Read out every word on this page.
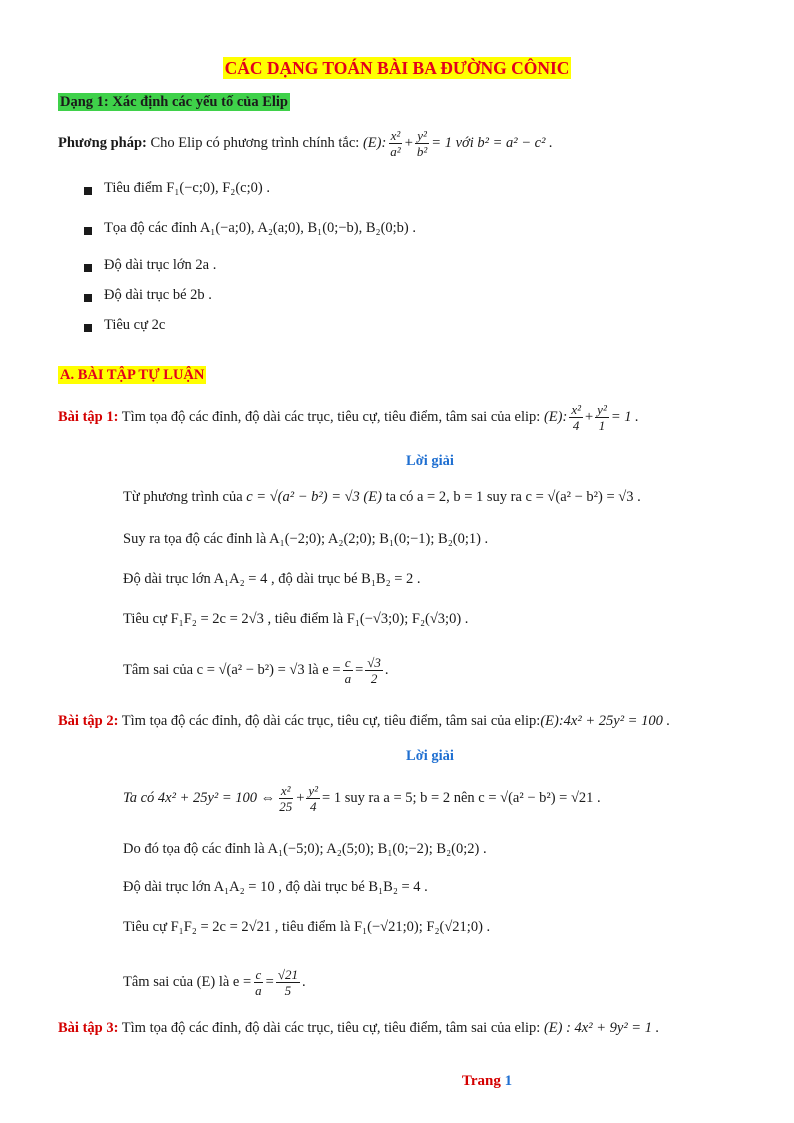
CÁC DẠNG TOÁN BÀI BA ĐƯỜNG CÔNIC
Dạng 1: Xác định các yếu tố của Elip
Phương pháp: Cho Elip có phương trình chính tắc: (E): $\frac{\text{x²}}{\text{a²}} + \frac{\text{y²}}{\text{b²}} = 1$ với b² = a² − c² .
Tiêu điểm F₁(−c;0), F₂(c;0) .
Tọa độ các đỉnh A₁(−a;0), A₂(a;0), B₁(0;−b), B₂(0;b) .
Độ dài trục lớn 2a .
Độ dài trục bé 2b .
Tiêu cự 2c
A. BÀI TẬP TỰ LUẬN
Bài tập 1: Tìm tọa độ các đỉnh, độ dài các trục, tiêu cự, tiêu điểm, tâm sai của elip: (E): $\frac{\text{x²}}{4} + \frac{\text{y²}}{1} = 1$ .
Lời giải
Từ phương trình của c = √(a² − b²) = √3 (E) ta có a = 2, b = 1 suy ra c = √(a² − b²) = √3 .
Suy ra tọa độ các đỉnh là A₁(−2;0); A₂(2;0); B₁(0;−1); B₂(0;1) .
Độ dài trục lớn A₁A₂ = 4 , độ dài trục bé B₁B₂ = 2 .
Tiêu cự F₁F₂ = 2c = 2√3 , tiêu điểm là F₁(−√3;0); F₂(√3;0) .
Tâm sai của c = √(a² − b²) = √3 là $e = \frac{c}{a} = \frac{√3}{2}$ .
Bài tập 2: Tìm tọa độ các đỉnh, độ dài các trục, tiêu cự, tiêu điểm, tâm sai của elip:(E):4x² + 25y² = 100 .
Lời giải
Ta có 4x² + 25y² = 100 ⇔ $\frac{\text{x²}}{25} + \frac{\text{y²}}{4} = 1$ suy ra a = 5; b = 2 nên c = √(a² − b²) = √21 .
Do đó tọa độ các đỉnh là A₁(−5;0); A₂(5;0); B₁(0;−2); B₂(0;2) .
Độ dài trục lớn A₁A₂ = 10 , độ dài trục bé B₁B₂ = 4 .
Tiêu cự F₁F₂ = 2c = 2√21 , tiêu điểm là F₁(−√21;0); F₂(√21;0) .
Tâm sai của (E) là $e = \frac{c}{a} = \frac{√21}{5}$ .
Bài tập 3: Tìm tọa độ các đỉnh, độ dài các trục, tiêu cự, tiêu điểm, tâm sai của elip: (E) : 4x² + 9y² = 1 .
Trang 1
